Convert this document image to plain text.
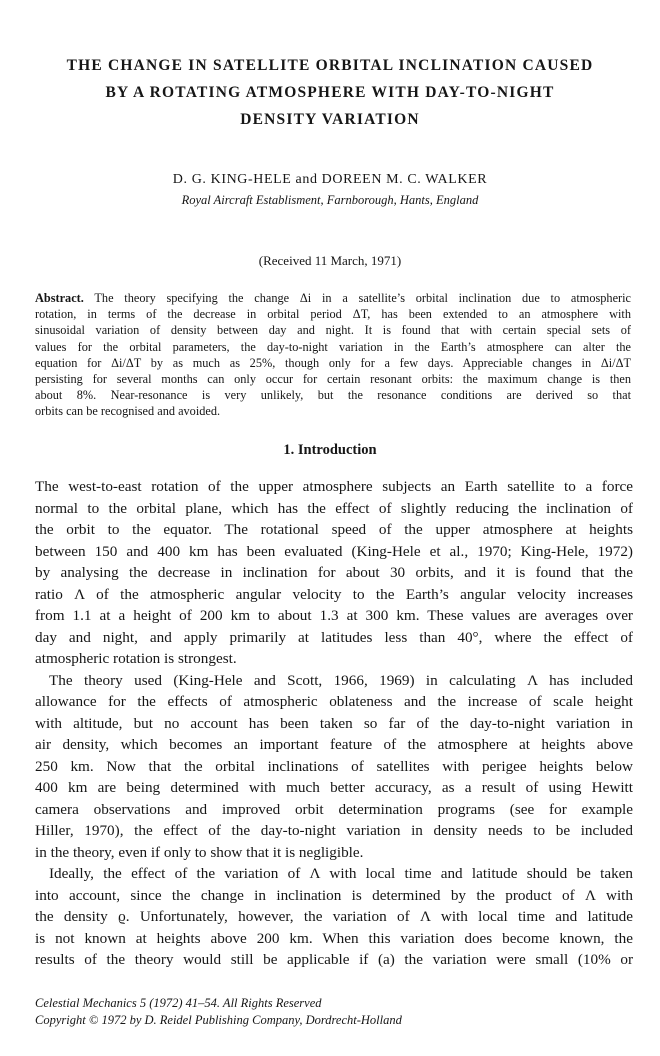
THE CHANGE IN SATELLITE ORBITAL INCLINATION CAUSED
BY A ROTATING ATMOSPHERE WITH DAY-TO-NIGHT
DENSITY VARIATION
D. G. KING-HELE and DOREEN M. C. WALKER
Royal Aircraft Establisment, Farnborough, Hants, England
(Received 11 March, 1971)
Abstract. The theory specifying the change Δi in a satellite’s orbital inclination due to atmospheric
rotation, in terms of the decrease in orbital period ΔT, has been extended to an atmosphere with
sinusoidal variation of density between day and night. It is found that with certain special sets of
values for the orbital parameters, the day-to-night variation in the Earth’s atmosphere can alter the
equation for Δi/ΔT by as much as 25%, though only for a few days. Appreciable changes in Δi/ΔT
persisting for several months can only occur for certain resonant orbits: the maximum change is then
about 8%. Near-resonance is very unlikely, but the resonance conditions are derived so that
orbits can be recognised and avoided.
1. Introduction
The west-to-east rotation of the upper atmosphere subjects an Earth satellite to a force
normal to the orbital plane, which has the effect of slightly reducing the inclination of
the orbit to the equator. The rotational speed of the upper atmosphere at heights
between 150 and 400 km has been evaluated (King-Hele et al., 1970; King-Hele, 1972)
by analysing the decrease in inclination for about 30 orbits, and it is found that the
ratio Λ of the atmospheric angular velocity to the Earth’s angular velocity increases
from 1.1 at a height of 200 km to about 1.3 at 300 km. These values are averages over
day and night, and apply primarily at latitudes less than 40°, where the effect of
atmospheric rotation is strongest.
The theory used (King-Hele and Scott, 1966, 1969) in calculating Λ has included
allowance for the effects of atmospheric oblateness and the increase of scale height
with altitude, but no account has been taken so far of the day-to-night variation in
air density, which becomes an important feature of the atmosphere at heights above
250 km. Now that the orbital inclinations of satellites with perigee heights below
400 km are being determined with much better accuracy, as a result of using Hewitt
camera observations and improved orbit determination programs (see for example
Hiller, 1970), the effect of the day-to-night variation in density needs to be included
in the theory, even if only to show that it is negligible.
Ideally, the effect of the variation of Λ with local time and latitude should be taken
into account, since the change in inclination is determined by the product of Λ with
the density ϱ. Unfortunately, however, the variation of Λ with local time and latitude
is not known at heights above 200 km. When this variation does become known, the
results of the theory would still be applicable if (a) the variation were small (10% or
Celestial Mechanics 5 (1972) 41–54. All Rights Reserved
Copyright © 1972 by D. Reidel Publishing Company, Dordrecht-Holland
